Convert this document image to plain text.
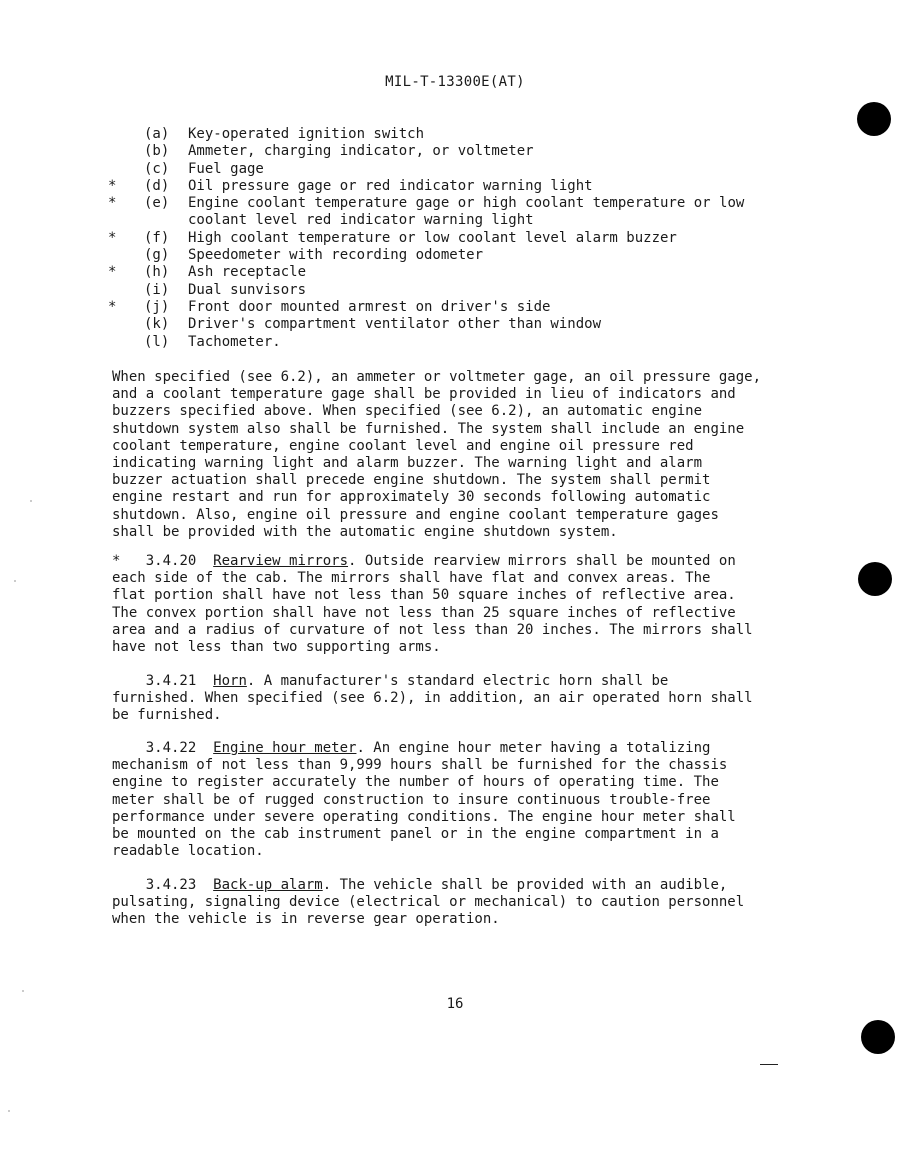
MIL-T-13300E(AT)
(a)	Key-operated ignition switch
(b)	Ammeter, charging indicator, or voltmeter
(c)	Fuel gage
*	(d)	Oil pressure gage or red indicator warning light
*	(e)	Engine coolant temperature gage or high coolant temperature or low
coolant level red indicator warning light
*	(f)	High coolant temperature or low coolant level alarm buzzer
(g)	Speedometer with recording odometer
*	(h)	Ash receptacle
(i)	Dual sunvisors
*	(j)	Front door mounted armrest on driver's side
(k)	Driver's compartment ventilator other than window
(l)	Tachometer.
When specified (see 6.2), an ammeter or voltmeter gage, an oil pressure gage,
and a coolant temperature gage shall be provided in lieu of indicators and
buzzers specified above. When specified (see 6.2), an automatic engine
shutdown system also shall be furnished. The system shall include an engine
coolant temperature, engine coolant level and engine oil pressure red
indicating warning light and alarm buzzer. The warning light and alarm
buzzer actuation shall precede engine shutdown. The system shall permit
engine restart and run for approximately 30 seconds following automatic
shutdown. Also, engine oil pressure and engine coolant temperature gages
shall be provided with the automatic engine shutdown system.
* 3.4.20 Rearview mirrors. Outside rearview mirrors shall be mounted on
each side of the cab. The mirrors shall have flat and convex areas. The
flat portion shall have not less than 50 square inches of reflective area.
The convex portion shall have not less than 25 square inches of reflective
area and a radius of curvature of not less than 20 inches. The mirrors shall
have not less than two supporting arms.
3.4.21 Horn. A manufacturer's standard electric horn shall be
furnished. When specified (see 6.2), in addition, an air operated horn shall
be furnished.
3.4.22 Engine hour meter. An engine hour meter having a totalizing
mechanism of not less than 9,999 hours shall be furnished for the chassis
engine to register accurately the number of hours of operating time. The
meter shall be of rugged construction to insure continuous trouble-free
performance under severe operating conditions. The engine hour meter shall
be mounted on the cab instrument panel or in the engine compartment in a
readable location.
3.4.23 Back-up alarm. The vehicle shall be provided with an audible,
pulsating, signaling device (electrical or mechanical) to caution personnel
when the vehicle is in reverse gear operation.
16
